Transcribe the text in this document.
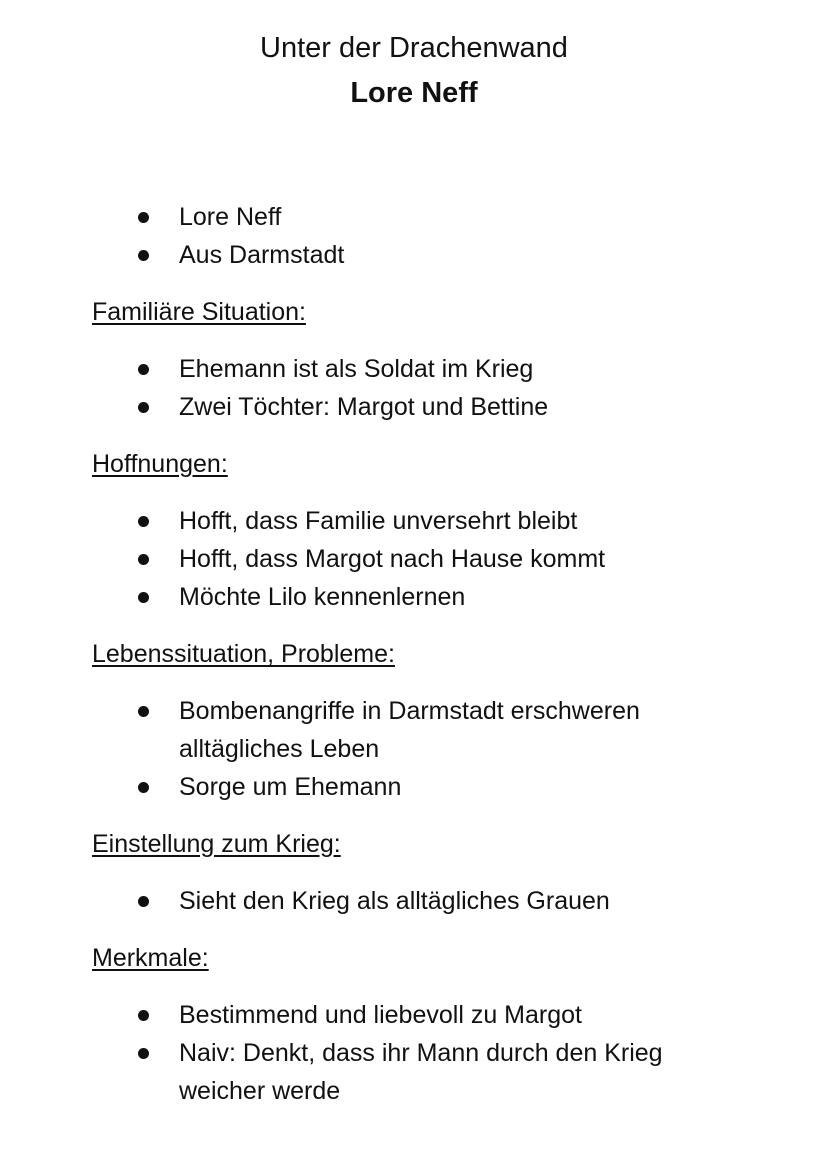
Unter der Drachenwand
Lore Neff
Lore Neff
Aus Darmstadt

Familiäre Situation:

Ehemann ist als Soldat im Krieg
Zwei Töchter: Margot und Bettine

Hoffnungen:

Hofft, dass Familie unversehrt bleibt
Hofft, dass Margot nach Hause kommt
Möchte Lilo kennenlernen

Lebenssituation, Probleme:

Bombenangriffe in Darmstadt erschweren
alltägliches Leben
Sorge um Ehemann

Einstellung zum Krieg:

Sieht den Krieg als alltägliches Grauen

Merkmale:

Bestimmend und liebevoll zu Margot
Naiv: Denkt, dass ihr Mann durch den Krieg
weicher werde
